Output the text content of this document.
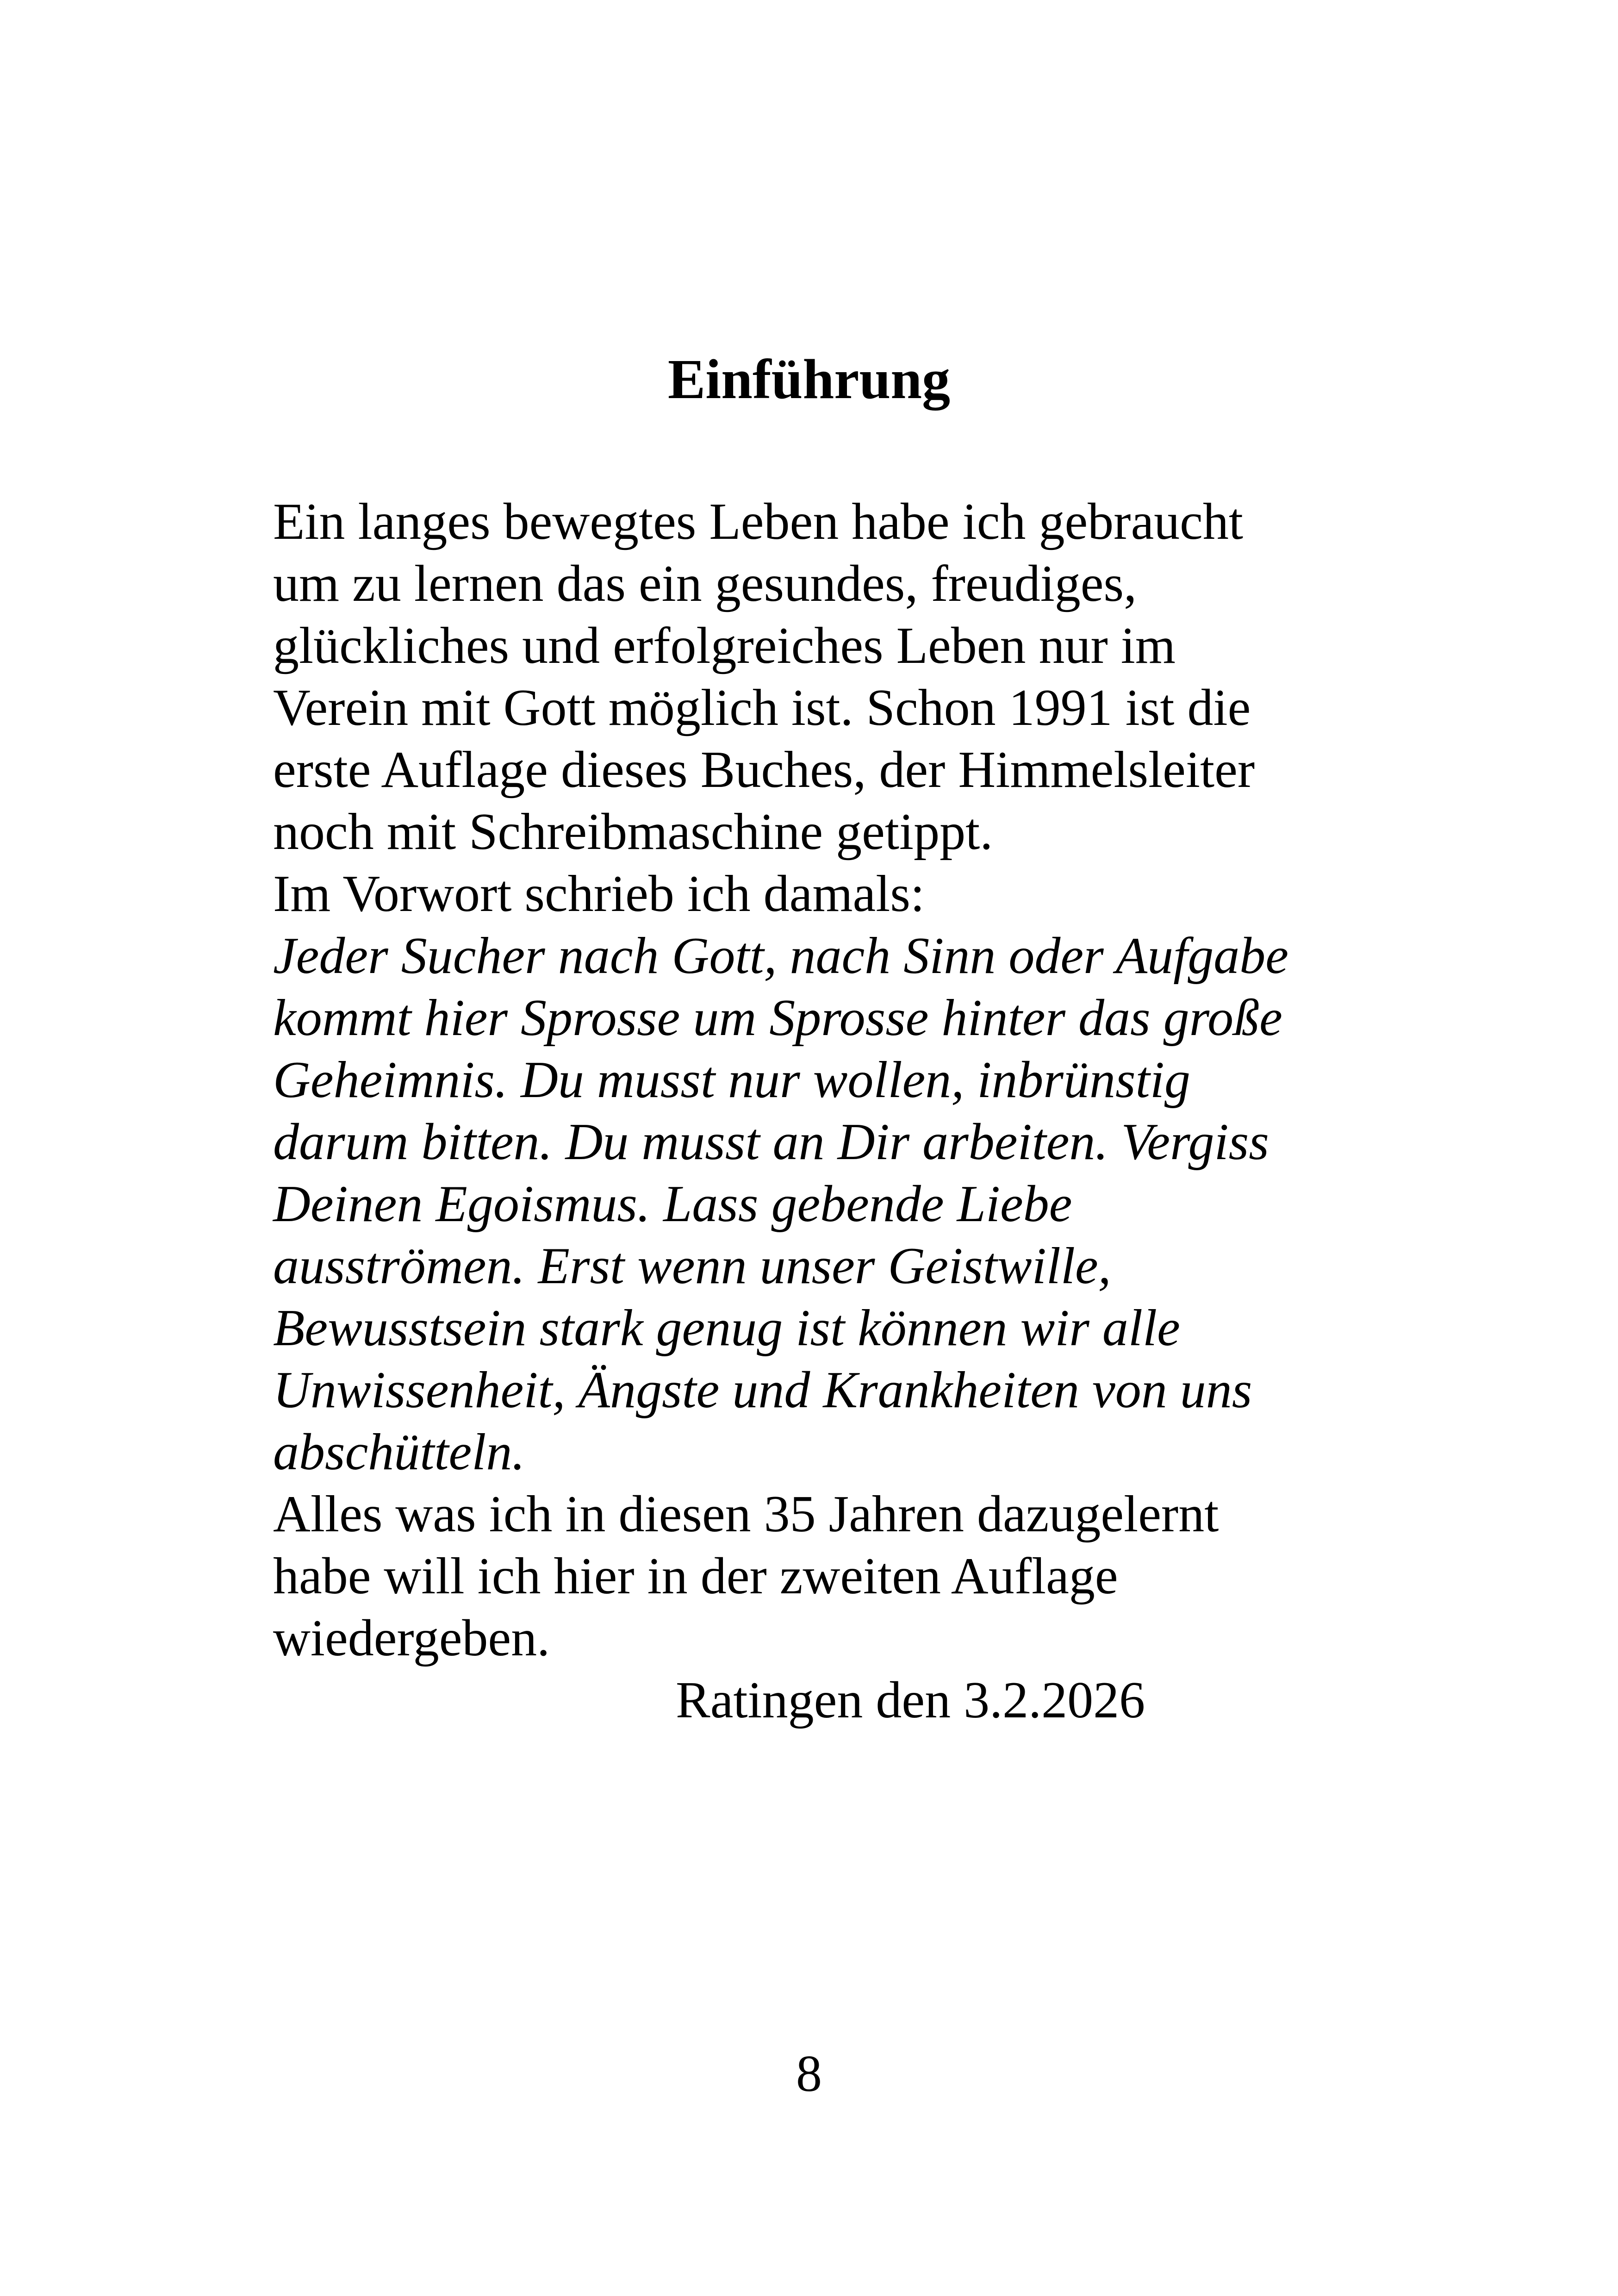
Einführung
Ein langes bewegtes Leben habe ich gebraucht
um zu lernen das ein gesundes, freudiges,
glückliches und erfolgreiches Leben nur im
Verein mit Gott möglich ist. Schon 1991 ist die
erste Auflage dieses Buches, der Himmelsleiter
noch mit Schreibmaschine getippt.
Im Vorwort schrieb ich damals:
Jeder Sucher nach Gott, nach Sinn oder Aufgabe
kommt hier Sprosse um Sprosse hinter das große
Geheimnis. Du musst nur wollen, inbrünstig
darum bitten. Du musst an Dir arbeiten. Vergiss
Deinen Egoismus. Lass gebende Liebe
ausströmen. Erst wenn unser Geistwille,
Bewusstsein stark genug ist können wir alle
Unwissenheit, Ängste und Krankheiten von uns
abschütteln.
Alles was ich in diesen 35 Jahren dazugelernt
habe will ich hier in der zweiten Auflage
wiedergeben.
Ratingen den 3.2.2026
8
